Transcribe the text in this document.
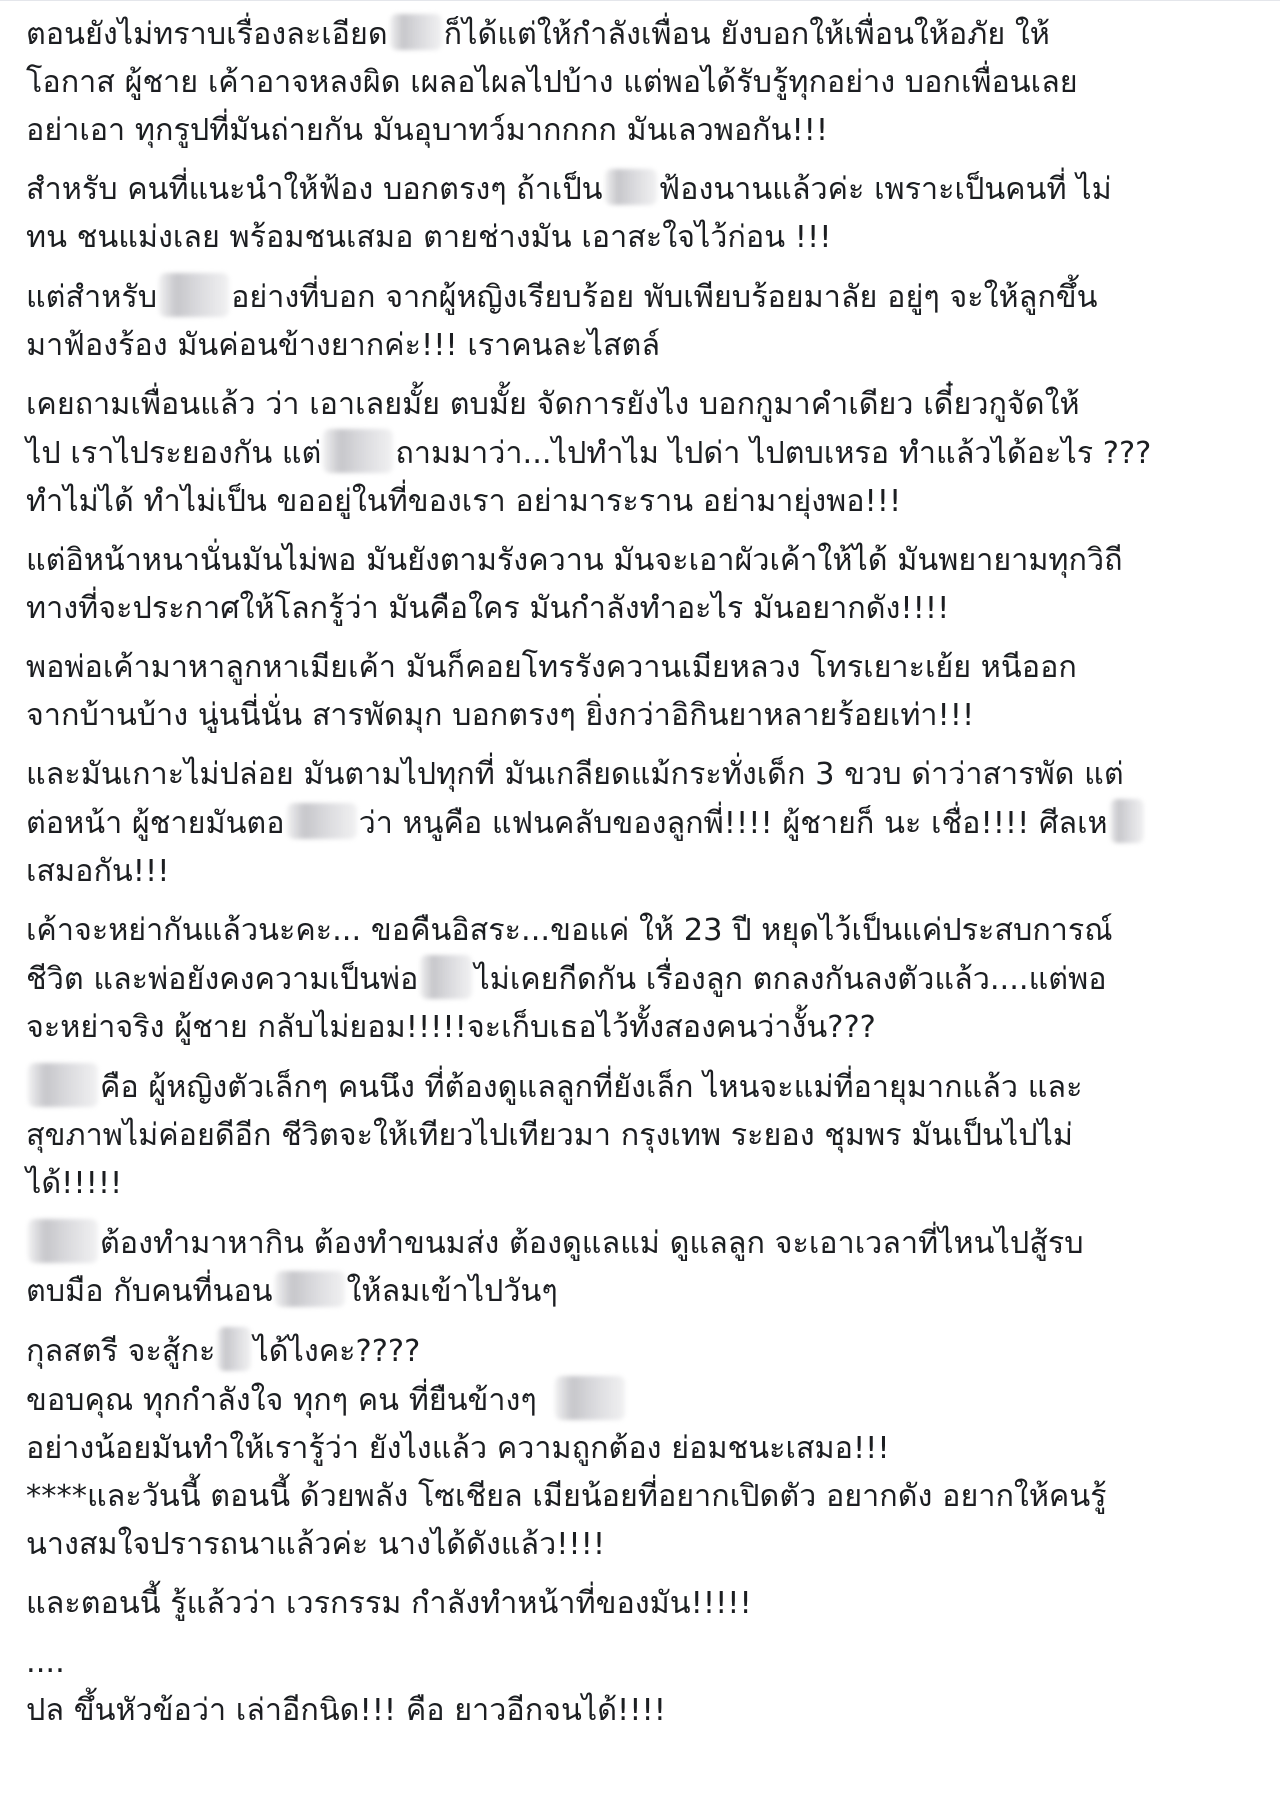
ตอนยังไม่ทราบเรื่องละเอียด ก็ได้แต่ให้กำลังเพื่อน ยังบอกให้เพื่อนให้อภัย ให้
โอกาส ผู้ชาย เค้าอาจหลงผิด เผลอไผลไปบ้าง แต่พอได้รับรู้ทุกอย่าง บอกเพื่อนเลย
อย่าเอา ทุกรูปที่มันถ่ายกัน มันอุบาทว์มากกกก มันเลวพอกัน!!!
สำหรับ คนที่แนะนำให้ฟ้อง บอกตรงๆ ถ้าเป็น ฟ้องนานแล้วค่ะ เพราะเป็นคนที่ ไม่
ทน ชนแม่งเลย พร้อมชนเสมอ ตายช่างมัน เอาสะใจไว้ก่อน !!!
แต่สำหรับ อย่างที่บอก จากผู้หญิงเรียบร้อย พับเพียบร้อยมาลัย อยู่ๆ จะให้ลูกขึ้น
มาฟ้องร้อง มันค่อนข้างยากค่ะ!!! เราคนละไสตล์
เคยถามเพื่อนแล้ว ว่า เอาเลยมั้ย ตบมั้ย จัดการยังไง บอกกูมาคำเดียว เดี๋ยวกูจัดให้
ไป เราไประยองกัน แต่ ถามมาว่า...ไปทำไม ไปด่า ไปตบเหรอ ทำแล้วได้อะไร ???
ทำไม่ได้ ทำไม่เป็น ขออยู่ในที่ของเรา อย่ามาระราน อย่ามายุ่งพอ!!!
แต่อิหน้าหนานั่นมันไม่พอ มันยังตามรังควาน มันจะเอาผัวเค้าให้ได้ มันพยายามทุกวิถี
ทางที่จะประกาศให้โลกรู้ว่า มันคือใคร มันกำลังทำอะไร มันอยากดัง!!!!
พอพ่อเค้ามาหาลูกหาเมียเค้า มันก็คอยโทรรังควานเมียหลวง โทรเยาะเย้ย หนีออก
จากบ้านบ้าง นู่นนี่นั่น สารพัดมุก บอกตรงๆ ยิ่งกว่าอิกินยาหลายร้อยเท่า!!!
และมันเกาะไม่ปล่อย มันตามไปทุกที่ มันเกลียดแม้กระทั่งเด็ก 3 ขวบ ด่าว่าสารพัด แต่
ต่อหน้า ผู้ชายมันตอ ว่า หนูคือ แฟนคลับของลูกพี่!!!! ผู้ชายก็ นะ เชื่อ!!!! ศีลเห
เสมอกัน!!!
เค้าจะหย่ากันแล้วนะคะ... ขอคืนอิสระ...ขอแค่ ให้ 23 ปี หยุดไว้เป็นแค่ประสบการณ์
ชีวิต และพ่อยังคงความเป็นพ่อ ไม่เคยกีดกัน เรื่องลูก ตกลงกันลงตัวแล้ว....แต่พอ
จะหย่าจริง ผู้ชาย กลับไม่ยอม!!!!!จะเก็บเธอไว้ทั้งสองคนว่างั้น???
คือ ผู้หญิงตัวเล็กๆ คนนึง ที่ต้องดูแลลูกที่ยังเล็ก ไหนจะแม่ที่อายุมากแล้ว และ
สุขภาพไม่ค่อยดีอีก ชีวิตจะให้เทียวไปเทียวมา กรุงเทพ ระยอง ชุมพร มันเป็นไปไม่
ได้!!!!!
ต้องทำมาหากิน ต้องทำขนมส่ง ต้องดูแลแม่ ดูแลลูก จะเอาเวลาที่ไหนไปสู้รบ
ตบมือ กับคนที่นอน ให้ลมเข้าไปวันๆ
กุลสตรี จะสู้กะ ได้ไงคะ????
ขอบคุณ ทุกกำลังใจ ทุกๆ คน ที่ยืนข้างๆ
อย่างน้อยมันทำให้เรารู้ว่า ยังไงแล้ว ความถูกต้อง ย่อมชนะเสมอ!!!
****และวันนี้ ตอนนี้ ด้วยพลัง โซเชียล เมียน้อยที่อยากเปิดตัว อยากดัง อยากให้คนรู้
นางสมใจปรารถนาแล้วค่ะ นางได้ดังแล้ว!!!!
และตอนนี้ รู้แล้วว่า เวรกรรม กำลังทำหน้าที่ของมัน!!!!!
....
ปล ขึ้นหัวข้อว่า เล่าอีกนิด!!! คือ ยาวอีกจนได้!!!!
